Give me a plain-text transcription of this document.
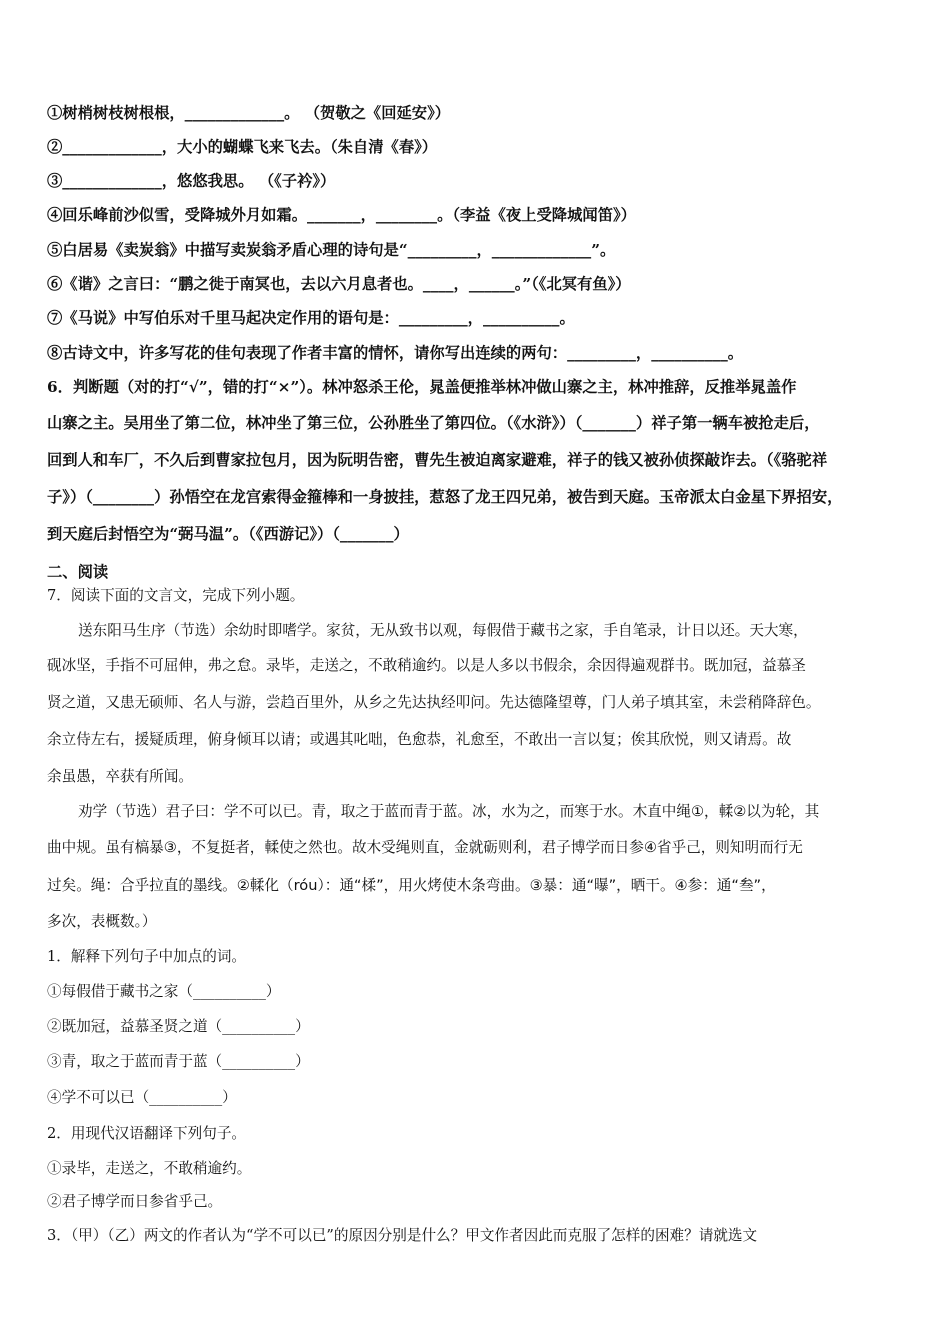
①树梢树枝树根根，_____________。 （贺敬之《回延安》）
②_____________，大小的蝴蝶飞来飞去。（朱自清《春》）
③_____________，悠悠我思。 （《子衿》）
④回乐峰前沙似雪，受降城外月如霜。_______，________。（李益《夜上受降城闻笛》）
⑤白居易《卖炭翁》中描写卖炭翁矛盾心理的诗句是“_________，_____________”。
⑥《谐》之言曰：“鹏之徙于南冥也，去以六月息者也。____，______。”（《北冥有鱼》）
⑦《马说》中写伯乐对千里马起决定作用的语句是：_________，__________。
⑧古诗文中，许多写花的佳句表现了作者丰富的情怀，请你写出连续的两句：_________，__________。
6．判断题（对的打“√”，错的打“×”）。林冲怒杀王伦，晁盖便推举林冲做山寨之主，林冲推辞，反推举晁盖作
山寨之主。吴用坐了第二位，林冲坐了第三位，公孙胜坐了第四位。（《水浒》）（_______）祥子第一辆车被抢走后，
回到人和车厂，不久后到曹家拉包月，因为阮明告密，曹先生被迫离家避难，祥子的钱又被孙侦探敲诈去。（《骆驼祥
子》）（________）孙悟空在龙宫索得金箍棒和一身披挂，惹怒了龙王四兄弟，被告到天庭。玉帝派太白金星下界招安，
到天庭后封悟空为“弼马温”。（《西游记》）（_______）
二、阅读
7．阅读下面的文言文，完成下列小题。
送东阳马生序（节选）余幼时即嗜学。家贫，无从致书以观，每假借于藏书之家，手自笔录，计日以还。天大寒，
砚冰坚，手指不可屈伸，弗之怠。录毕，走送之，不敢稍逾约。以是人多以书假余，余因得遍观群书。既加冠，益慕圣
贤之道，又患无硕师、名人与游，尝趋百里外，从乡之先达执经叩问。先达德隆望尊，门人弟子填其室，未尝稍降辞色。
余立侍左右，援疑质理，俯身倾耳以请；或遇其叱咄，色愈恭，礼愈至，不敢出一言以复；俟其欣悦，则又请焉。故
余虽愚，卒获有所闻。
劝学（节选）君子曰：学不可以已。青，取之于蓝而青于蓝。冰，水为之，而寒于水。木直中绳①，輮②以为轮，其
曲中规。虽有槁暴③，不复挺者，輮使之然也。故木受绳则直，金就砺则利，君子博学而日参④省乎己，则知明而行无
过矣。绳：合乎拉直的墨线。②輮化（róu）：通“楺”，用火烤使木条弯曲。③暴：通“曝”，晒干。④参：通“叁”，
多次，表概数。）
1．解释下列句子中加点的词。
①每假借于藏书之家（__________）
②既加冠，益慕圣贤之道（__________）
③青，取之于蓝而青于蓝（__________）
④学不可以已（__________）
2．用现代汉语翻译下列句子。
①录毕，走送之，不敢稍逾约。
②君子博学而日参省乎己。
3．（甲）（乙）两文的作者认为“学不可以已”的原因分别是什么？甲文作者因此而克服了怎样的困难？请就选文
